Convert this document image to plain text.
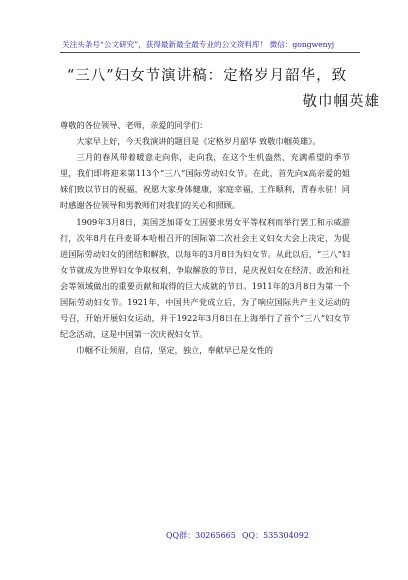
关注头条号“公文研究”，获得最新最全最专业的公文资料库！ 微信：gongwenyj
“三八”妇女节演讲稿：定格岁月韶华，致
敬巾帼英雄

尊敬的各位领导、老师，亲爱的同学们：

大家早上好，今天我演讲的题目是《定格岁月韶华 致敬巾帼英雄》。

三月的春风带着暖意走向你，走向我，在这个生机盎然、充满希望的季节里，我们即将迎来第113个“三八”国际劳动妇女节。在此，首先向x高亲爱的姐妹们致以节日的祝福，祝愿大家身体健康，家庭幸福，工作顺利，青春永驻！同时感谢各位领导和男教师们对我们的关心和照顾。

1909年3月8日，美国芝加哥女工因要求男女平等权利而举行罢工和示威游行，次年8月在丹麦哥本哈根召开的国际第二次社会主义妇女大会上决定，为促进国际劳动妇女的团结和解放，以每年的3月8日为妇女节。从此以后，“三八”妇女节就成为世界妇女争取权利、争取解放的节日，是庆祝妇女在经济、政治和社会等领域做出的重要贡献和取得的巨大成就的节日。1911年的3月8日为第一个国际劳动妇女节。1921年，中国共产党成立后，为了响应国际共产主义运动的号召，开始开展妇女运动，并于1922年3月8日在上海举行了首个“三八”妇女节纪念活动，这是中国第一次庆祝妇女节。

巾帼不让须眉，自信，坚定，独立，奉献早已是女性的

QQ群：30265665 QQ：535304092
